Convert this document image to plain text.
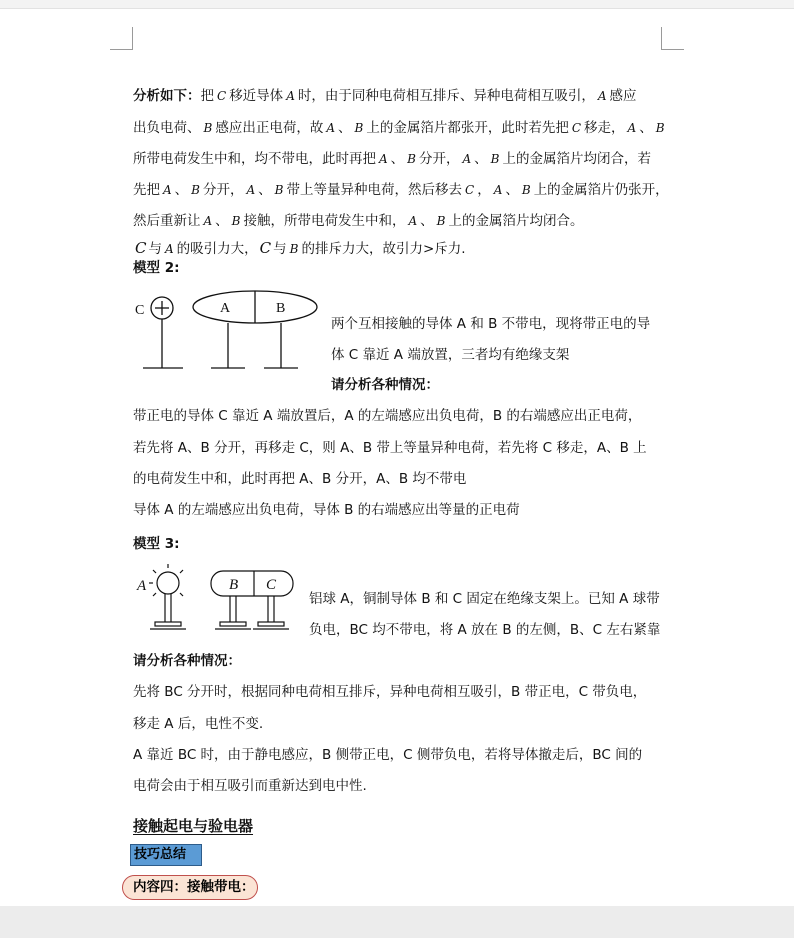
分析如下：把 C 移近导体 A 时，由于同种电荷相互排斥、异种电荷相互吸引， A 感应
出负电荷、 B 感应出正电荷，故 A 、 B 上的金属箔片都张开，此时若先把 C 移走， A 、 B
所带电荷发生中和，均不带电，此时再把 A 、 B 分开， A 、 B 上的金属箔片均闭合，若
先把 A 、 B 分开， A 、 B 带上等量异种电荷，然后移去 C ， A 、 B 上的金属箔片仍张开，
然后重新让 A 、 B 接触，所带电荷发生中和， A 、 B 上的金属箔片均闭合。
C 与 A 的吸引力大， C 与 B 的排斥力大，故引力>斥力.
模型 2:
C	A	B
两个互相接触的导体 A 和 B 不带电，现将带正电的导
体 C 靠近 A 端放置，三者均有绝缘支架
请分析各种情况：
带正电的导体 C 靠近 A 端放置后，A 的左端感应出负电荷，B 的右端感应出正电荷，
若先将 A、B 分开，再移走 C，则 A、B 带上等量异种电荷，若先将 C 移走，A、B 上
的电荷发生中和，此时再把 A、B 分开，A、B 均不带电
导体 A 的左端感应出负电荷，导体 B 的右端感应出等量的正电荷
模型 3:
A	B C
铝球 A，铜制导体 B 和 C 固定在绝缘支架上。已知 A 球带
负电，BC 均不带电，将 A 放在 B 的左侧，B、C 左右紧靠
请分析各种情况：
先将 BC 分开时，根据同种电荷相互排斥，异种电荷相互吸引，B 带正电，C 带负电，
移走 A 后，电性不变.
A 靠近 BC 时，由于静电感应，B 侧带正电，C 侧带负电，若将导体撤走后，BC 间的
电荷会由于相互吸引而重新达到电中性.
接触起电与验电器
技巧总结
内容四：接触带电：
